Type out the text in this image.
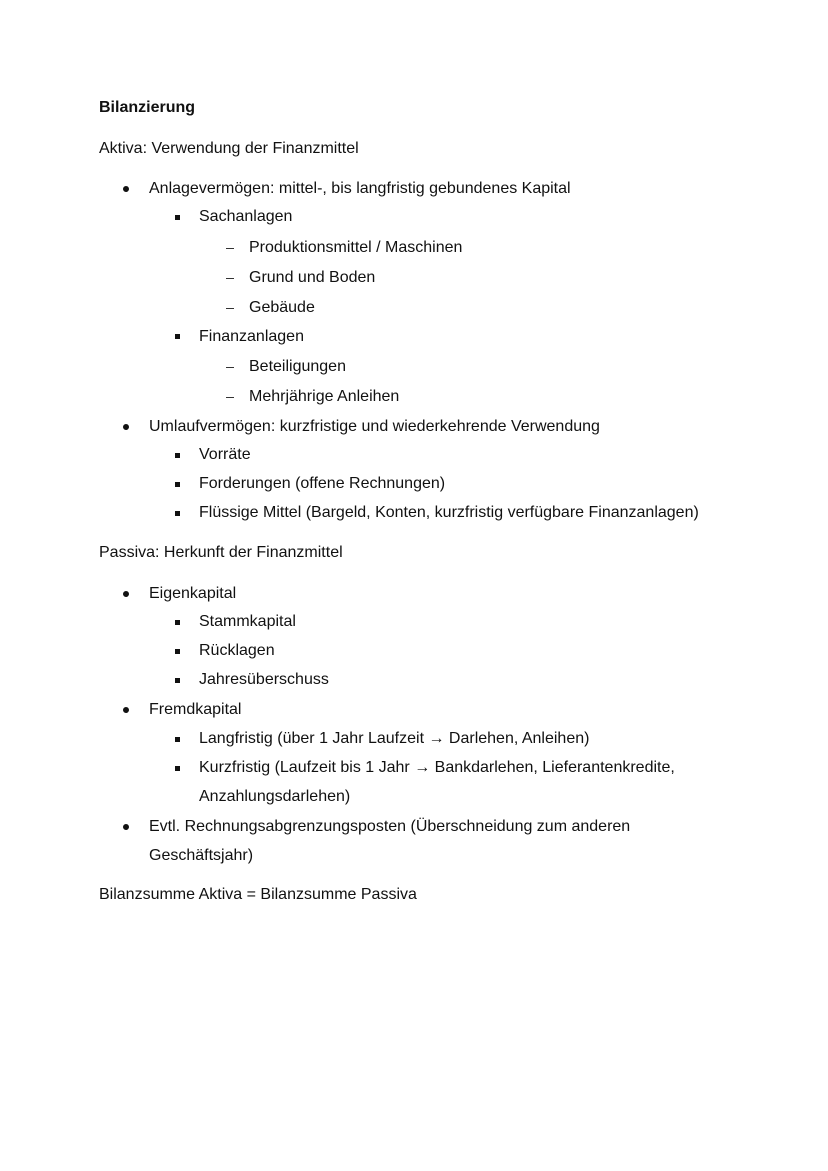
Bilanzierung
Aktiva: Verwendung der Finanzmittel
Anlagevermögen: mittel-, bis langfristig gebundenes Kapital
Sachanlagen
Produktionsmittel / Maschinen
Grund und Boden
Gebäude
Finanzanlagen
Beteiligungen
Mehrjährige Anleihen
Umlaufvermögen: kurzfristige und wiederkehrende Verwendung
Vorräte
Forderungen (offene Rechnungen)
Flüssige Mittel (Bargeld, Konten, kurzfristig verfügbare Finanzanlagen)
Passiva: Herkunft der Finanzmittel
Eigenkapital
Stammkapital
Rücklagen
Jahresüberschuss
Fremdkapital
Langfristig (über 1 Jahr Laufzeit → Darlehen, Anleihen)
Kurzfristig (Laufzeit bis 1 Jahr → Bankdarlehen, Lieferantenkredite,
Anzahlungsdarlehen)
Evtl. Rechnungsabgrenzungsposten (Überschneidung zum anderen
Geschäftsjahr)
Bilanzsumme Aktiva = Bilanzsumme Passiva
